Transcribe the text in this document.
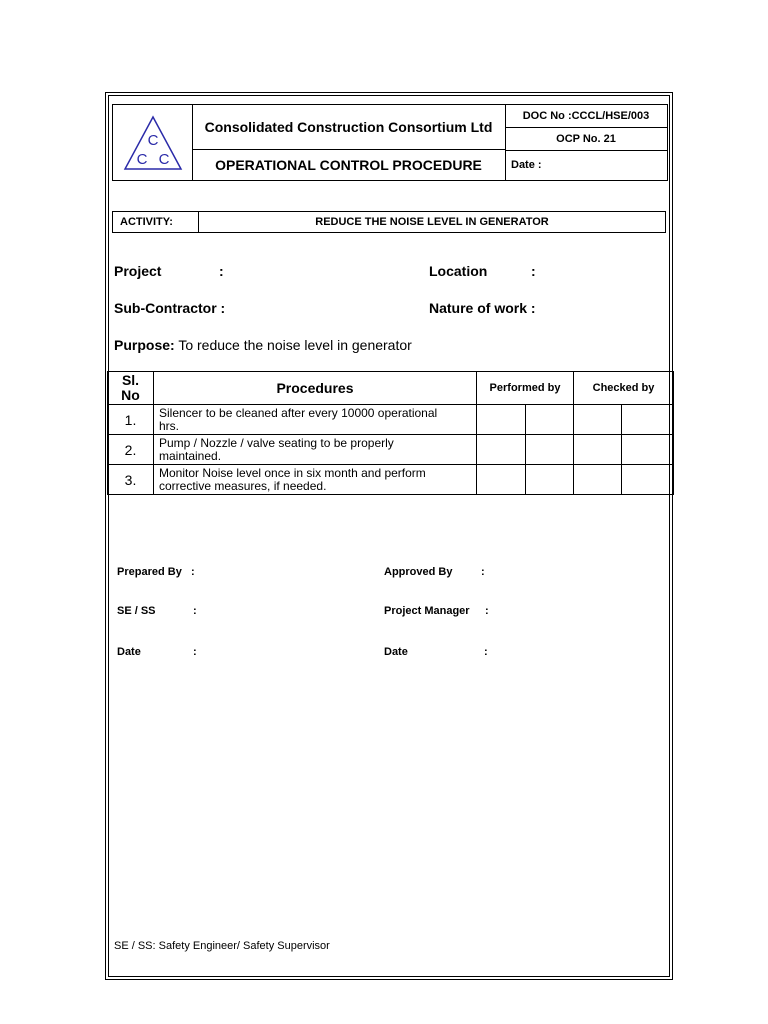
C
C C
Consolidated Construction Consortium Ltd
OPERATIONAL CONTROL PROCEDURE
DOC No :CCCL/HSE/003
OCP No. 21
Date :
ACTIVITY:	REDUCE THE NOISE LEVEL IN GENERATOR
Project	:	Location	:
Sub-Contractor :	Nature of work :
Purpose: To reduce the noise level in generator
Sl.
No	Procedures	Performed by		Checked by	
1.	Silencer to be cleaned after every 10000 operational
hrs.				

2.	Pump / Nozzle / valve seating to be properly
maintained.				

3.	Monitor Noise level once in six month and perform
corrective measures, if needed.				

Prepared By :	Approved By	:
SE / SS	:	Project Manager :
Date	:	Date	:
SE / SS: Safety Engineer/ Safety Supervisor
